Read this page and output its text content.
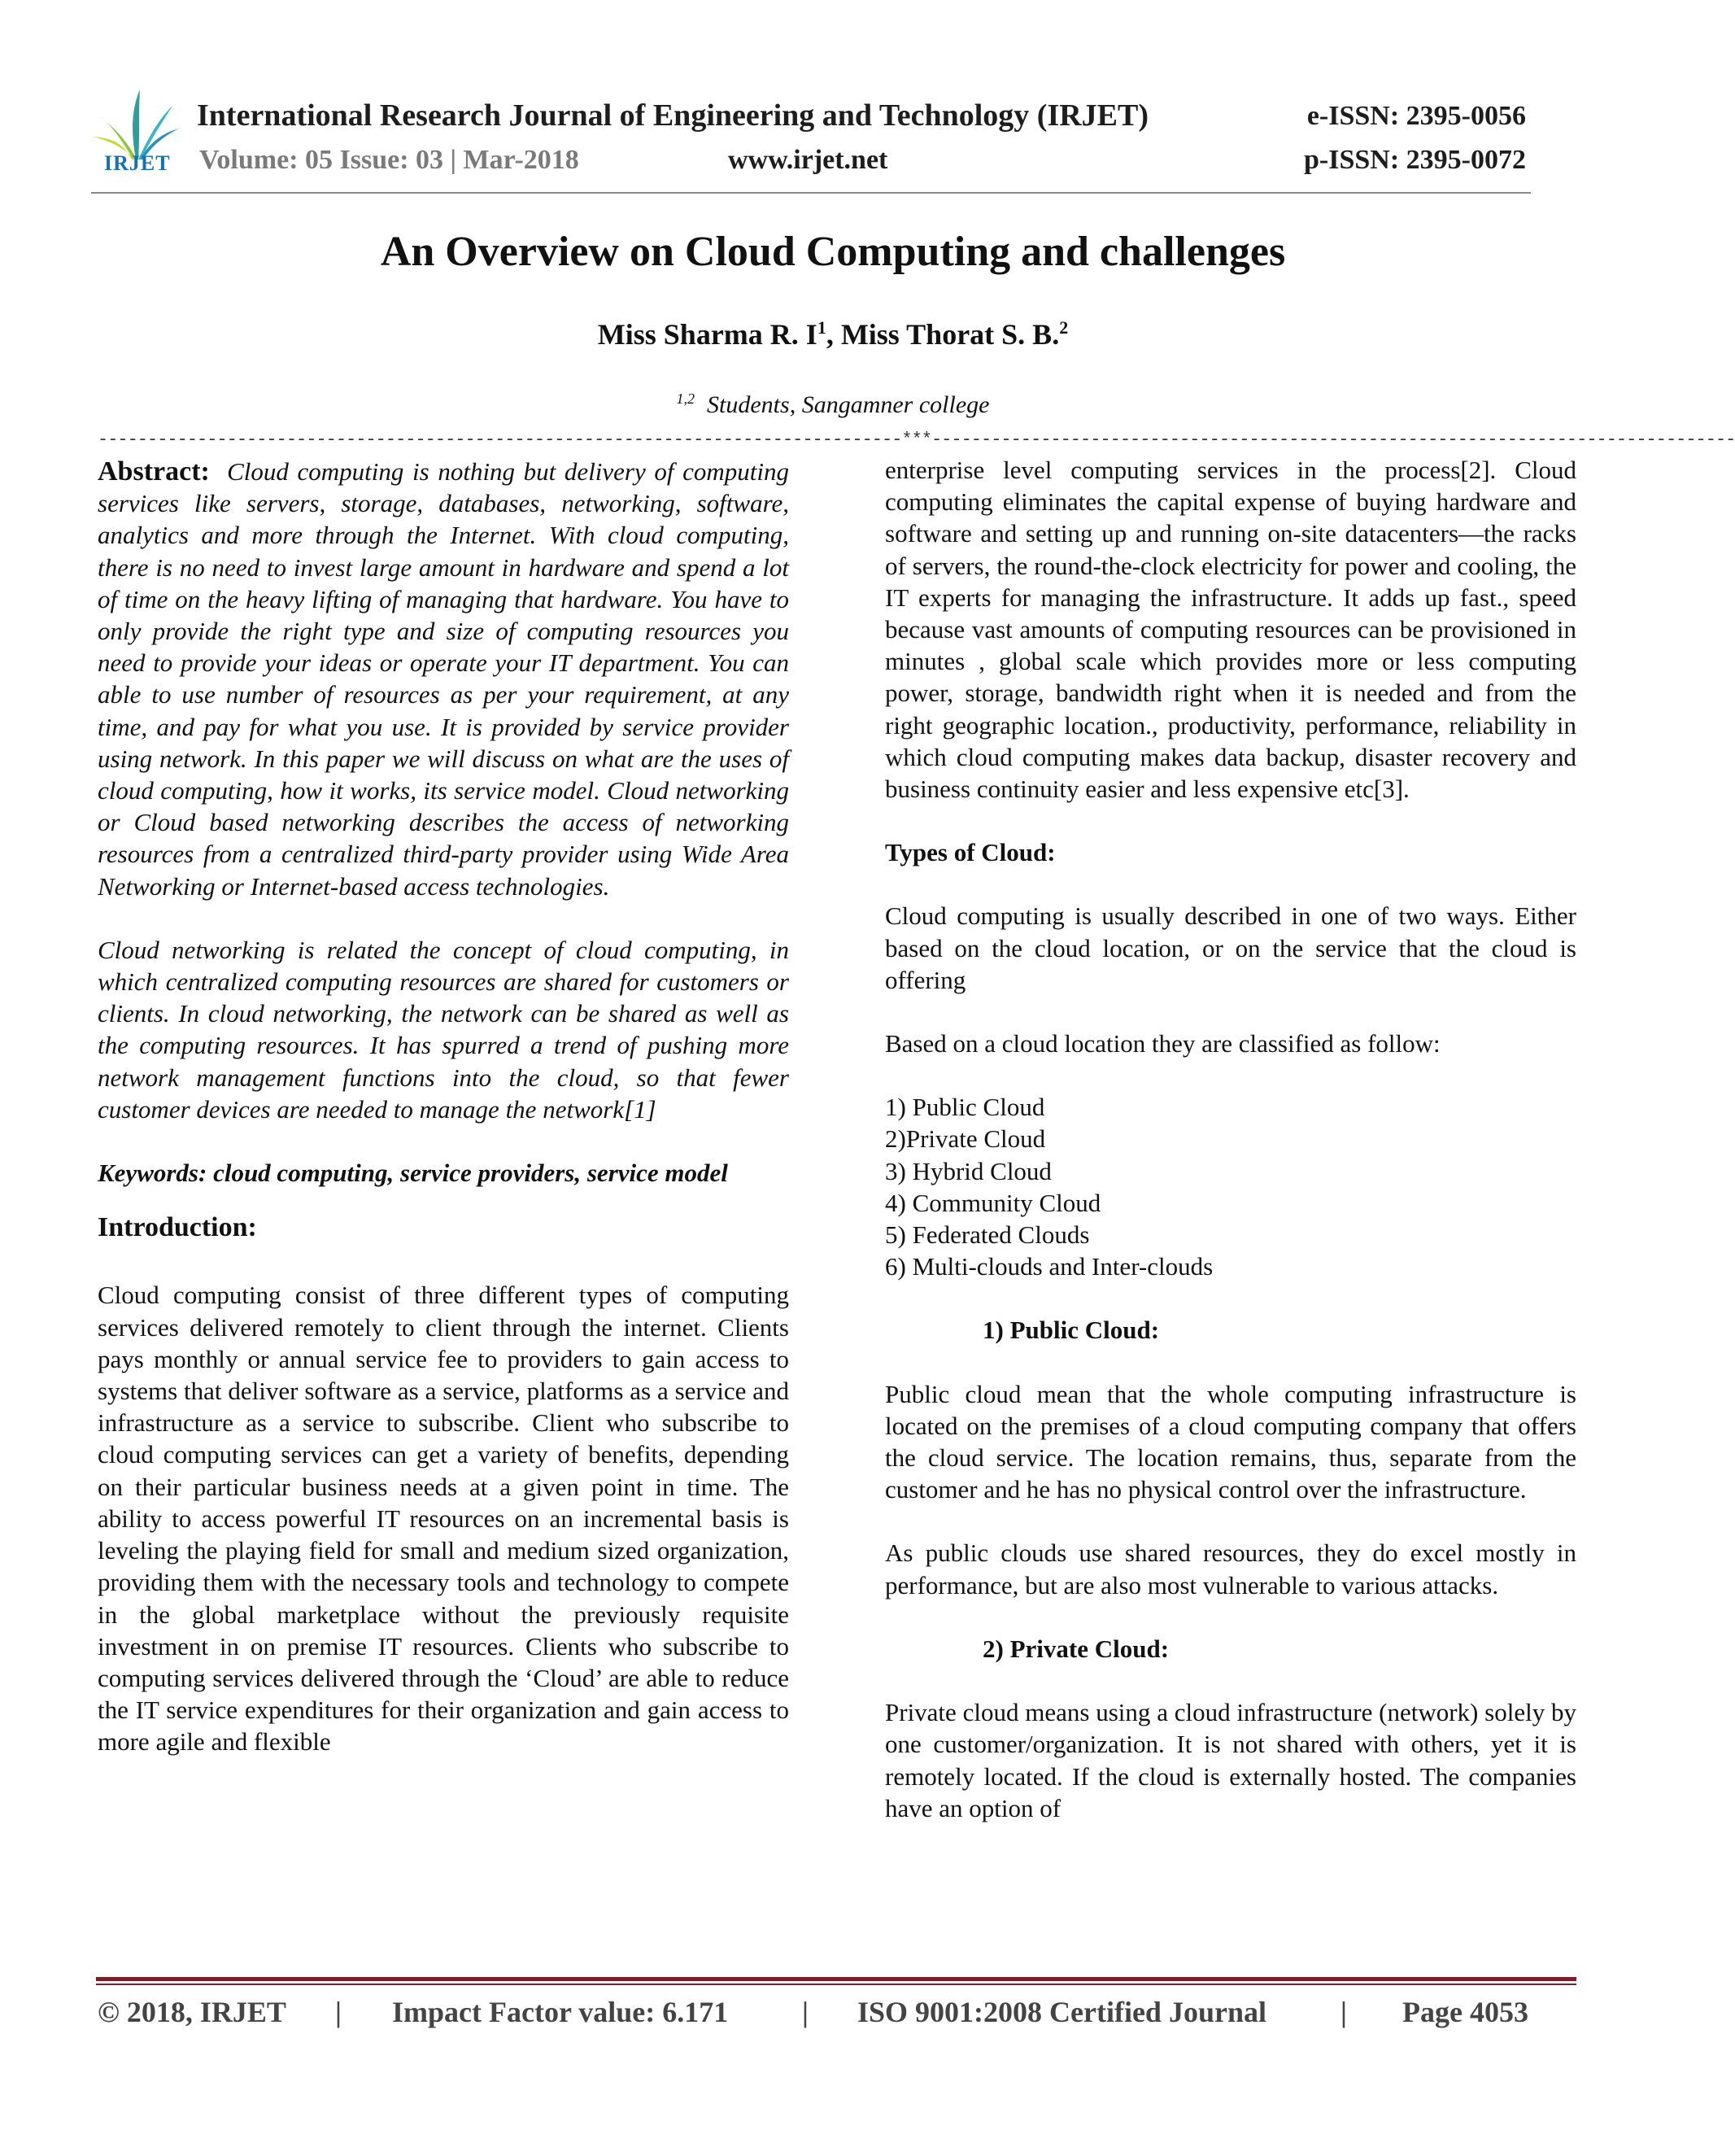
IRJET
International Research Journal of Engineering and Technology (IRJET)	e-ISSN: 2395-0056
Volume: 05 Issue: 03 | Mar-2018	www.irjet.net	p-ISSN: 2395-0072
An Overview on Cloud Computing and challenges
Miss Sharma R. $I^1$, Miss Thorat S. B.$^2$
$^{1,2}$ Students, Sangamner college
---------------------------------------------------------------------------------***---------------------------------------------------------------------------------

Abstract: Cloud computing is nothing but delivery of computing services like servers, storage, databases, networking, software, analytics and more through the Internet. With cloud computing, there is no need to invest large amount in hardware and spend a lot of time on the heavy lifting of managing that hardware. You have to only provide the right type and size of computing resources you need to provide your ideas or operate your IT department. You can able to use number of resources as per your requirement, at any time, and pay for what you use. It is provided by service provider using network. In this paper we will discuss on what are the uses of cloud computing, how it works, its service model. Cloud networking or Cloud based networking describes the access of networking resources from a centralized third-party provider using Wide Area Networking or Internet-based access technologies.

Cloud networking is related the concept of cloud computing, in which centralized computing resources are shared for customers or clients. In cloud networking, the network can be shared as well as the computing resources. It has spurred a trend of pushing more network management functions into the cloud, so that fewer customer devices are needed to manage the network[1]

Keywords: cloud computing, service providers, service model

Introduction:

Cloud computing consist of three different types of computing services delivered remotely to client through the internet. Clients pays monthly or annual service fee to providers to gain access to systems that deliver software as a service, platforms as a service and infrastructure as a service to subscribe. Client who subscribe to cloud computing services can get a variety of benefits, depending on their particular business needs at a given point in time. The ability to access powerful IT resources on an incremental basis is leveling the playing field for small and medium sized organization, providing them with the necessary tools and technology to compete in the global marketplace without the previously requisite investment in on premise IT resources. Clients who subscribe to computing services delivered through the ‘Cloud’ are able to reduce the IT service expenditures for their organization and gain access to more agile and flexible

enterprise level computing services in the process[2]. Cloud computing eliminates the capital expense of buying hardware and software and setting up and running on-site datacenters—the racks of servers, the round-the-clock electricity for power and cooling, the IT experts for managing the infrastructure. It adds up fast., speed because vast amounts of computing resources can be provisioned in minutes , global scale which provides more or less computing power, storage, bandwidth right when it is needed and from the right geographic location., productivity, performance, reliability in which cloud computing makes data backup, disaster recovery and business continuity easier and less expensive etc[3].

Types of Cloud:

Cloud computing is usually described in one of two ways. Either based on the cloud location, or on the service that the cloud is offering

Based on a cloud location they are classified as follow:

1) Public Cloud

2)Private Cloud

3) Hybrid Cloud

4) Community Cloud

5) Federated Clouds

6) Multi-clouds and Inter-clouds

1) Public Cloud:

Public cloud mean that the whole computing infrastructure is located on the premises of a cloud computing company that offers the cloud service. The location remains, thus, separate from the customer and he has no physical control over the infrastructure.

As public clouds use shared resources, they do excel mostly in performance, but are also most vulnerable to various attacks.

2) Private Cloud:

Private cloud means using a cloud infrastructure (network) solely by one customer/organization. It is not shared with others, yet it is remotely located. If the cloud is externally hosted. The companies have an option of

© 2018, IRJET | Impact Factor value: 6.171	| ISO 9001:2008 Certified Journal	| Page 4053
